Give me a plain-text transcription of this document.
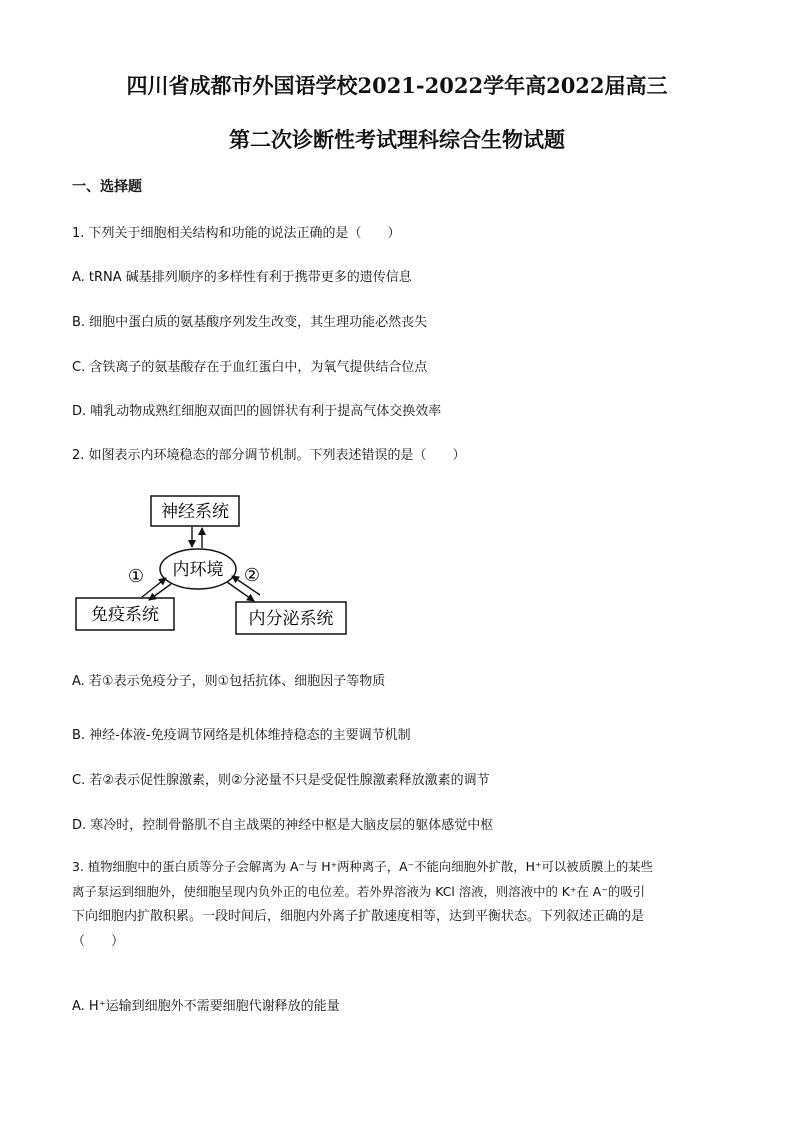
四川省成都市外国语学校2021-2022学年高2022届高三
第二次诊断性考试理科综合生物试题
一、选择题
1. 下列关于细胞相关结构和功能的说法正确的是（　　）
A. tRNA 碱基排列顺序的多样性有利于携带更多的遗传信息
B. 细胞中蛋白质的氨基酸序列发生改变，其生理功能必然丧失
C. 含铁离子的氨基酸存在于血红蛋白中，为氧气提供结合位点
D. 哺乳动物成熟红细胞双面凹的圆饼状有利于提高气体交换效率
2. 如图表示内环境稳态的部分调节机制。下列表述错误的是（　　）
神经系统
内环境
免疫系统	内分泌系统
①	②
A. 若①表示免疫分子，则①包括抗体、细胞因子等物质
B. 神经-体液-免疫调节网络是机体维持稳态的主要调节机制
C. 若②表示促性腺激素，则②分泌量不只是受促性腺激素释放激素的调节
D. 寒冷时，控制骨骼肌不自主战栗的神经中枢是大脑皮层的躯体感觉中枢
3. 植物细胞中的蛋白质等分子会解离为 A⁻与 H⁺两种离子，A⁻不能向细胞外扩散，H⁺可以被质膜上的某些
离子泵运到细胞外，使细胞呈现内负外正的电位差。若外界溶液为 KCl 溶液，则溶液中的 K⁺在 A⁻的吸引
下向细胞内扩散积累。一段时间后，细胞内外离子扩散速度相等，达到平衡状态。下列叙述正确的是
（　　）
A. H⁺运输到细胞外不需要细胞代谢释放的能量
